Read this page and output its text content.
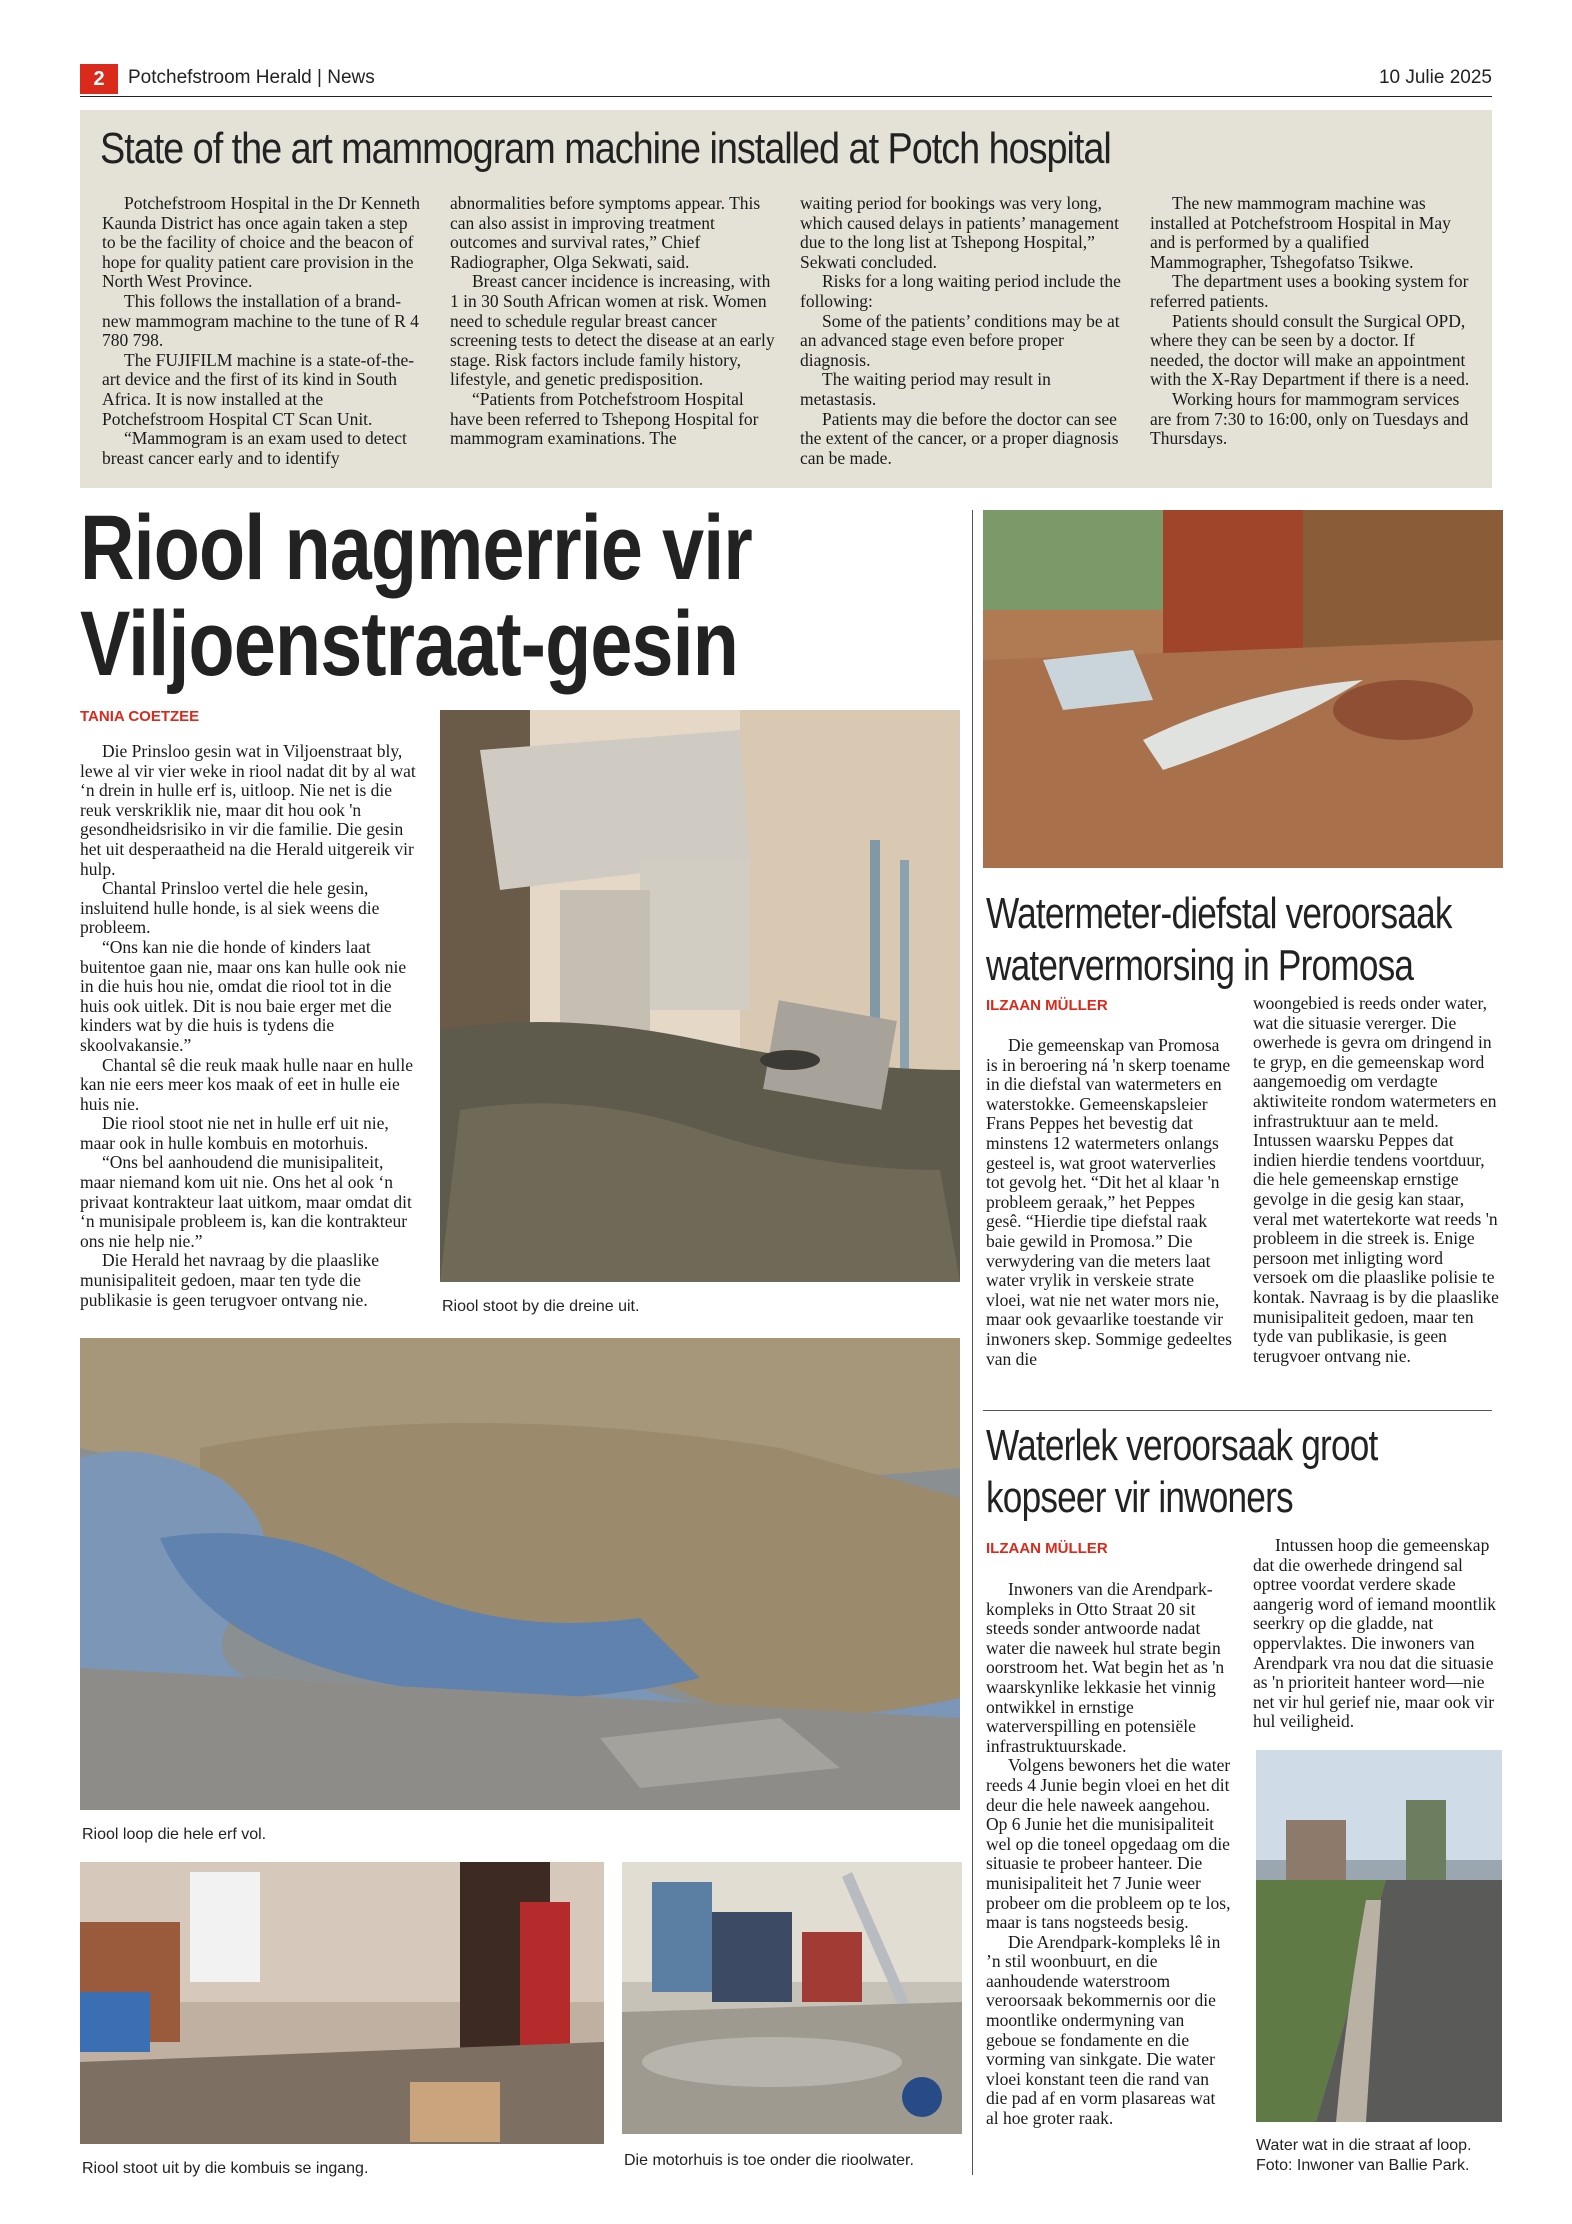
2	Potchefstroom Herald | News	10 Julie 2025
State of the art mammogram machine installed at Potch hospital

Potchefstroom Hospital in the Dr Kenneth Kaunda District has once again taken a step to be the facility of choice and the beacon of hope for quality patient care provision in the North West Province.

This follows the installation of a brand-new mammogram machine to the tune of R 4 780 798.

The FUJIFILM machine is a state-of-the-art device and the first of its kind in South Africa. It is now installed at the Potchefstroom Hospital CT Scan Unit.

“Mammogram is an exam used to detect breast cancer early and to identify

abnormalities before symptoms appear. This can also assist in improving treatment outcomes and survival rates,” Chief Radiographer, Olga Sekwati, said.

Breast cancer incidence is increasing, with 1 in 30 South African women at risk. Women need to schedule regular breast cancer screening tests to detect the disease at an early stage. Risk factors include family history, lifestyle, and genetic predisposition.

“Patients from Potchefstroom Hospital have been referred to Tshepong Hospital for mammogram examinations. The

waiting period for bookings was very long, which caused delays in patients’ management due to the long list at Tshepong Hospital,” Sekwati concluded.

Risks for a long waiting period include the following:

Some of the patients’ conditions may be at an advanced stage even before proper diagnosis.

The waiting period may result in metastasis.

Patients may die before the doctor can see the extent of the cancer, or a proper diagnosis can be made.

The new mammogram machine was installed at Potchefstroom Hospital in May and is performed by a qualified Mammographer, Tshegofatso Tsikwe.

The department uses a booking system for referred patients.

Patients should consult the Surgical OPD, where they can be seen by a doctor. If needed, the doctor will make an appointment with the X-Ray Department if there is a need.

Working hours for mammogram services are from 7:30 to 16:00, only on Tuesdays and Thursdays.

Riool nagmerrie vir
Viljoenstraat-gesin
TANIA COETZEE

Die Prinsloo gesin wat in Viljoenstraat bly, lewe al vir vier weke in riool nadat dit by al wat ‘n drein in hulle erf is, uitloop. Nie net is die reuk verskriklik nie, maar dit hou ook 'n gesondheidsrisiko in vir die familie. Die gesin het uit desperaatheid na die Herald uitgereik vir hulp.

Chantal Prinsloo vertel die hele gesin, insluitend hulle honde, is al siek weens die probleem.

“Ons kan nie die honde of kinders laat buitentoe gaan nie, maar ons kan hulle ook nie in die huis hou nie, omdat die riool tot in die huis ook uitlek. Dit is nou baie erger met die kinders wat by die huis is tydens die skoolvakansie.”

Chantal sê die reuk maak hulle naar en hulle kan nie eers meer kos maak of eet in hulle eie huis nie.

Die riool stoot nie net in hulle erf uit nie, maar ook in hulle kombuis en motorhuis.

“Ons bel aanhoudend die munisipaliteit, maar niemand kom uit nie. Ons het al ook ‘n privaat kontrakteur laat uitkom, maar omdat dit ‘n munisipale probleem is, kan die kontrakteur ons nie help nie.”

Die Herald het navraag by die plaaslike munisipaliteit gedoen, maar ten tyde die publikasie is geen terugvoer ontvang nie.	Riool stoot by die dreine uit.
Riool loop die hele erf vol.
Riool stoot uit by die kombuis se ingang.	Die motorhuis is toe onder die rioolwater.
Watermeter-diefstal veroorsaak
watervermorsing in Promosa
ILZAAN MÜLLER

Die gemeenskap van Promosa is in beroering ná 'n skerp toename in die diefstal van watermeters en waterstokke. Gemeenskapsleier Frans Peppes het bevestig dat minstens 12 watermeters onlangs gesteel is, wat groot waterverlies tot gevolg het. “Dit het al klaar 'n probleem geraak,” het Peppes gesê. “Hierdie tipe diefstal raak baie gewild in Promosa.” Die verwydering van die meters laat water vrylik in verskeie strate vloei, wat nie net water mors nie, maar ook gevaarlike toestande vir inwoners skep. Sommige gedeeltes van die

woongebied is reeds onder water, wat die situasie vererger. Die owerhede is gevra om dringend in te gryp, en die gemeenskap word aangemoedig om verdagte aktiwiteite rondom watermeters en infrastruktuur aan te meld. Intussen waarsku Peppes dat indien hierdie tendens voortduur, die hele gemeenskap ernstige gevolge in die gesig kan staar, veral met watertekorte wat reeds 'n probleem in die streek is. Enige persoon met inligting word versoek om die plaaslike polisie te kontak. Navraag is by die plaaslike munisipaliteit gedoen, maar ten tyde van publikasie, is geen terugvoer ontvang nie.

Waterlek veroorsaak groot
kopseer vir inwoners
ILZAAN MÜLLER

Inwoners van die Arendpark-kompleks in Otto Straat 20 sit steeds sonder antwoorde nadat water die naweek hul strate begin oorstroom het. Wat begin het as 'n waarskynlike lekkasie het vinnig ontwikkel in ernstige waterverspilling en potensiële infrastruktuurskade.

Volgens bewoners het die water reeds 4 Junie begin vloei en het dit deur die hele naweek aangehou. Op 6 Junie het die munisipaliteit wel op die toneel opgedaag om die situasie te probeer hanteer. Die munisipaliteit het 7 Junie weer probeer om die probleem op te los, maar is tans nogsteeds besig.

Die Arendpark-kompleks lê in ’n stil woonbuurt, en die aanhoudende waterstroom veroorsaak bekommernis oor die moontlike ondermyning van geboue se fondamente en die vorming van sinkgate. Die water vloei konstant teen die rand van die pad af en vorm plasareas wat al hoe groter raak.

Intussen hoop die gemeenskap dat die owerhede dringend sal optree voordat verdere skade aangerig word of iemand moontlik seerkry op die gladde, nat oppervlaktes. Die inwoners van Arendpark vra nou dat die situasie as 'n prioriteit hanteer word—nie net vir hul gerief nie, maar ook vir hul veiligheid.

Water wat in die straat af loop.
Foto: Inwoner van Ballie Park.
